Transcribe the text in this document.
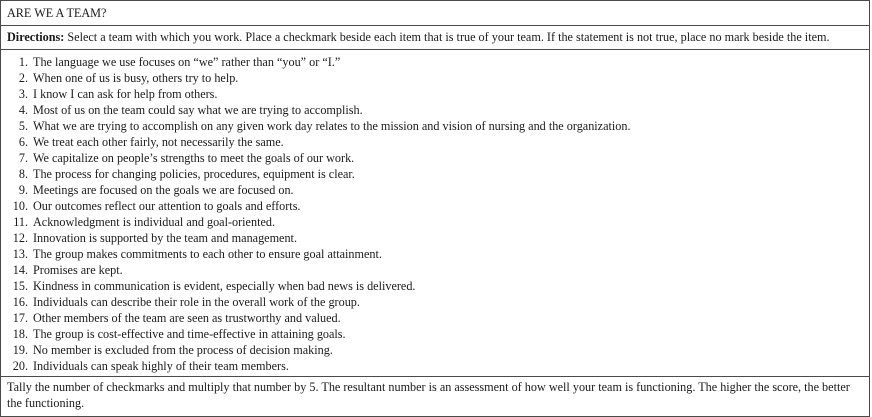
ARE WE A TEAM?
Directions: Select a team with which you work. Place a checkmark beside each item that is true of your team. If the statement is not true, place no mark beside the item.
1. The language we use focuses on “we” rather than “you” or “I.”
2. When one of us is busy, others try to help.
3. I know I can ask for help from others.
4. Most of us on the team could say what we are trying to accomplish.
5. What we are trying to accomplish on any given work day relates to the mission and vision of nursing and the organization.
6. We treat each other fairly, not necessarily the same.
7. We capitalize on people’s strengths to meet the goals of our work.
8. The process for changing policies, procedures, equipment is clear.
9. Meetings are focused on the goals we are focused on.
10. Our outcomes reflect our attention to goals and efforts.
11. Acknowledgment is individual and goal-oriented.
12. Innovation is supported by the team and management.
13. The group makes commitments to each other to ensure goal attainment.
14. Promises are kept.
15. Kindness in communication is evident, especially when bad news is delivered.
16. Individuals can describe their role in the overall work of the group.
17. Other members of the team are seen as trustworthy and valued.
18. The group is cost-effective and time-effective in attaining goals.
19. No member is excluded from the process of decision making.
20. Individuals can speak highly of their team members.
Tally the number of checkmarks and multiply that number by 5. The resultant number is an assessment of how well your team is functioning. The higher the score, the better the functioning.
